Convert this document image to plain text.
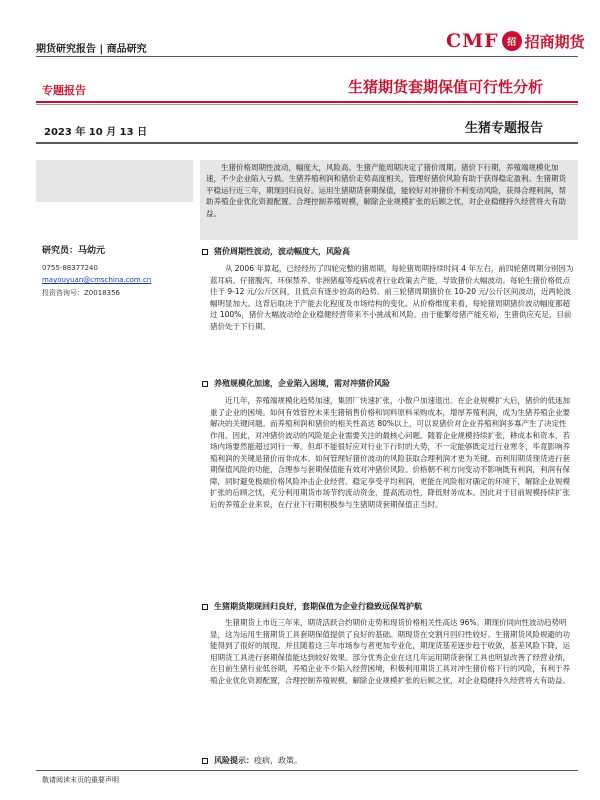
期货研究报告 | 商品研究	CMF 招 招商期货
专题报告	生猪期货套期保值可行性分析
2023 年 10 月 13 日	生猪专题报告
研究员：马幼元
0755-88377240
mayouyuan@cmschina.com.cn
投资咨询号：Z0018356

生猪价格周期性波动，幅度大，风险高。生猪产能周期决定了猪价周期。猪价下行期，养殖端规模化加速，不少企业陷入亏损。生猪养殖利润和猪价走势高度相关，管理好猪价风险有助于获得稳定盈利。生猪期货平稳运行近三年，期现回归良好。运用生猪期货套期保值，能较好对冲猪价不利变动风险，获得合理利润，帮助养殖企业优化资源配置、合理控制养殖规模，解除企业规模扩张的后顾之忧，对企业稳健持久经营将大有助益。

猪价周期性波动，波动幅度大，风险高

从 2006 年算起，已经经历了四轮完整的猪周期，每轮猪周期持续时间 4 年左右，前四轮猪周期分别因为蓝耳病、仔猪腹泻、环保禁养、非洲猪瘟等疫病或者行业政策去产能，导致猪价大幅波动。每轮生猪价格低点往于 9-12 元/公斤区间，且低点有逐步抬高的趋势。前三轮猪周期猪价在 10-20 元/公斤区间波动，近两轮波幅明显加大。这背后取决于产能去化程度及市场结构的变化。从价格维度来看，每轮猪周期猪价波动幅度都超过 100%，猪价大幅波动给企业稳健经营带来不小挑战和风险。由于能繁母猪产能充裕，生猪供应充足，目前猪价处于下行期。

养殖规模化加速，企业陷入困境，需对冲猪价风险

近几年，养殖端规模化趋势加速，集团厂快速扩张，小散户加速退出。在企业规模扩大后，猪价的低迷加重了企业的困境。如何有效管控未来生猪销售价格和饲料原料采购成本，增厚养殖利润，成为生猪养殖企业要解决的关键问题。而养殖利润和猪价的相关性高达 80%以上，可以说猪价对企业养殖利润多寡产生了决定性作用。因此，对冲猪价波动的风险是企业需要关注的最核心问题。随着企业规模持续扩张，耕成本和资本，若场内场要然能超过同行一筹。但却不能很好应对行业下行时的大势，不一定能够既定过行业寒冬，毕竟影响养殖利润的关键是猪价而非成本。如何管理好猪价波动的风险获取合理利润才更为关键。而利用期货现货进行套期保值风险的功能，合理参与套期保值能有效对冲猪价风险。价格朝不利方向变动不影响既有利润，利润有保障，同时避免极端价格风险冲击企业经营。稳定享受平均利润，更能在风险相对确定的环境下，解除企业规模扩张的后顾之忧，充分利用期货市场节约流动资金，提高流动性，降低财务成本。因此对于目前规模持续扩张后的养殖企业来说，在行业下行期积极参与生猪期货套期保值正当时。

生猪期货期现回归良好，套期保值为企业行稳致远保驾护航

生猪期货上市近三年来，期货活跃合约期价走势和现货价格相关性高达 96%。期现价同向性波动趋势明显，这为运用生猪期货工具套期保值提供了良好的基础。期现货在交割月回归性较好。生猪期货风险规避的功能得到了很好的展现。并且随着这三年市场参与者更加专业化，期现货基差逐步趋于收敛，基差风险下降，运用期货工具进行套期保值能达到较好效果。部分优秀企业在这几年运用期货套保工具也明显改善了经营业绩，在目前生猪行业低谷期，养殖企业不少陷入经营困境，积极利用期货工具对冲生猪价格下行的风险，有利于养殖企业优化资源配置，合理控制养殖规模，解除企业规模扩张的后顾之忧，对企业稳健持久经营将大有助益。

风险提示： 疫病，政策。
敬请阅读末页的重要声明
